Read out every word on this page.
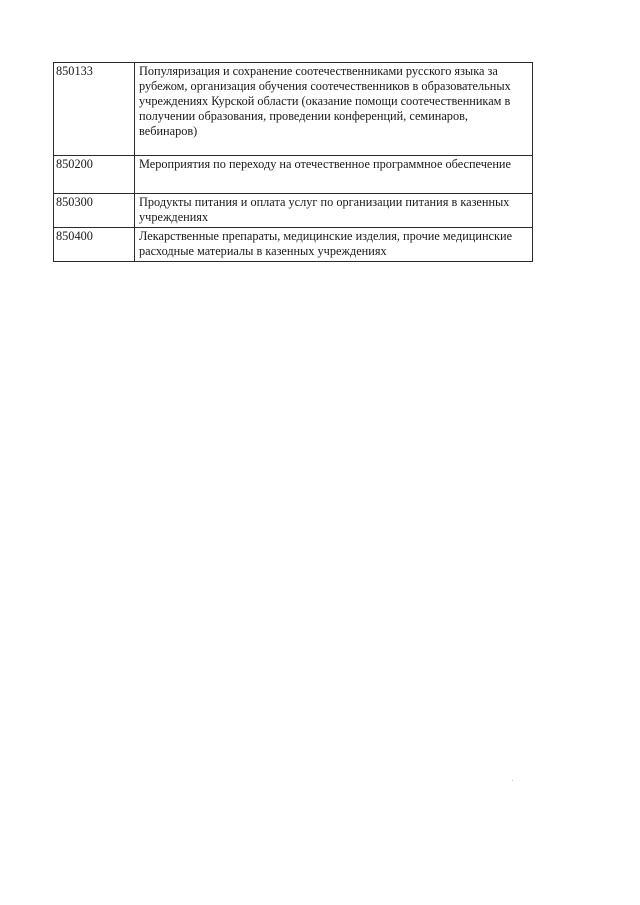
850133	Популяризация и сохранение соотечественниками русского языка за рубежом, организация обучения соотечественников в образовательных учреждениях Курской области (оказание помощи соотечественникам в получении образования, проведении конференций, семинаров, вебинаров)
850200	Мероприятия по переходу на отечественное программное обеспечение
850300	Продукты питания и оплата услуг по организации питания в казенных учреждениях
850400	Лекарственные препараты, медицинские изделия, прочие медицинские расходные материалы в казенных учреждениях
